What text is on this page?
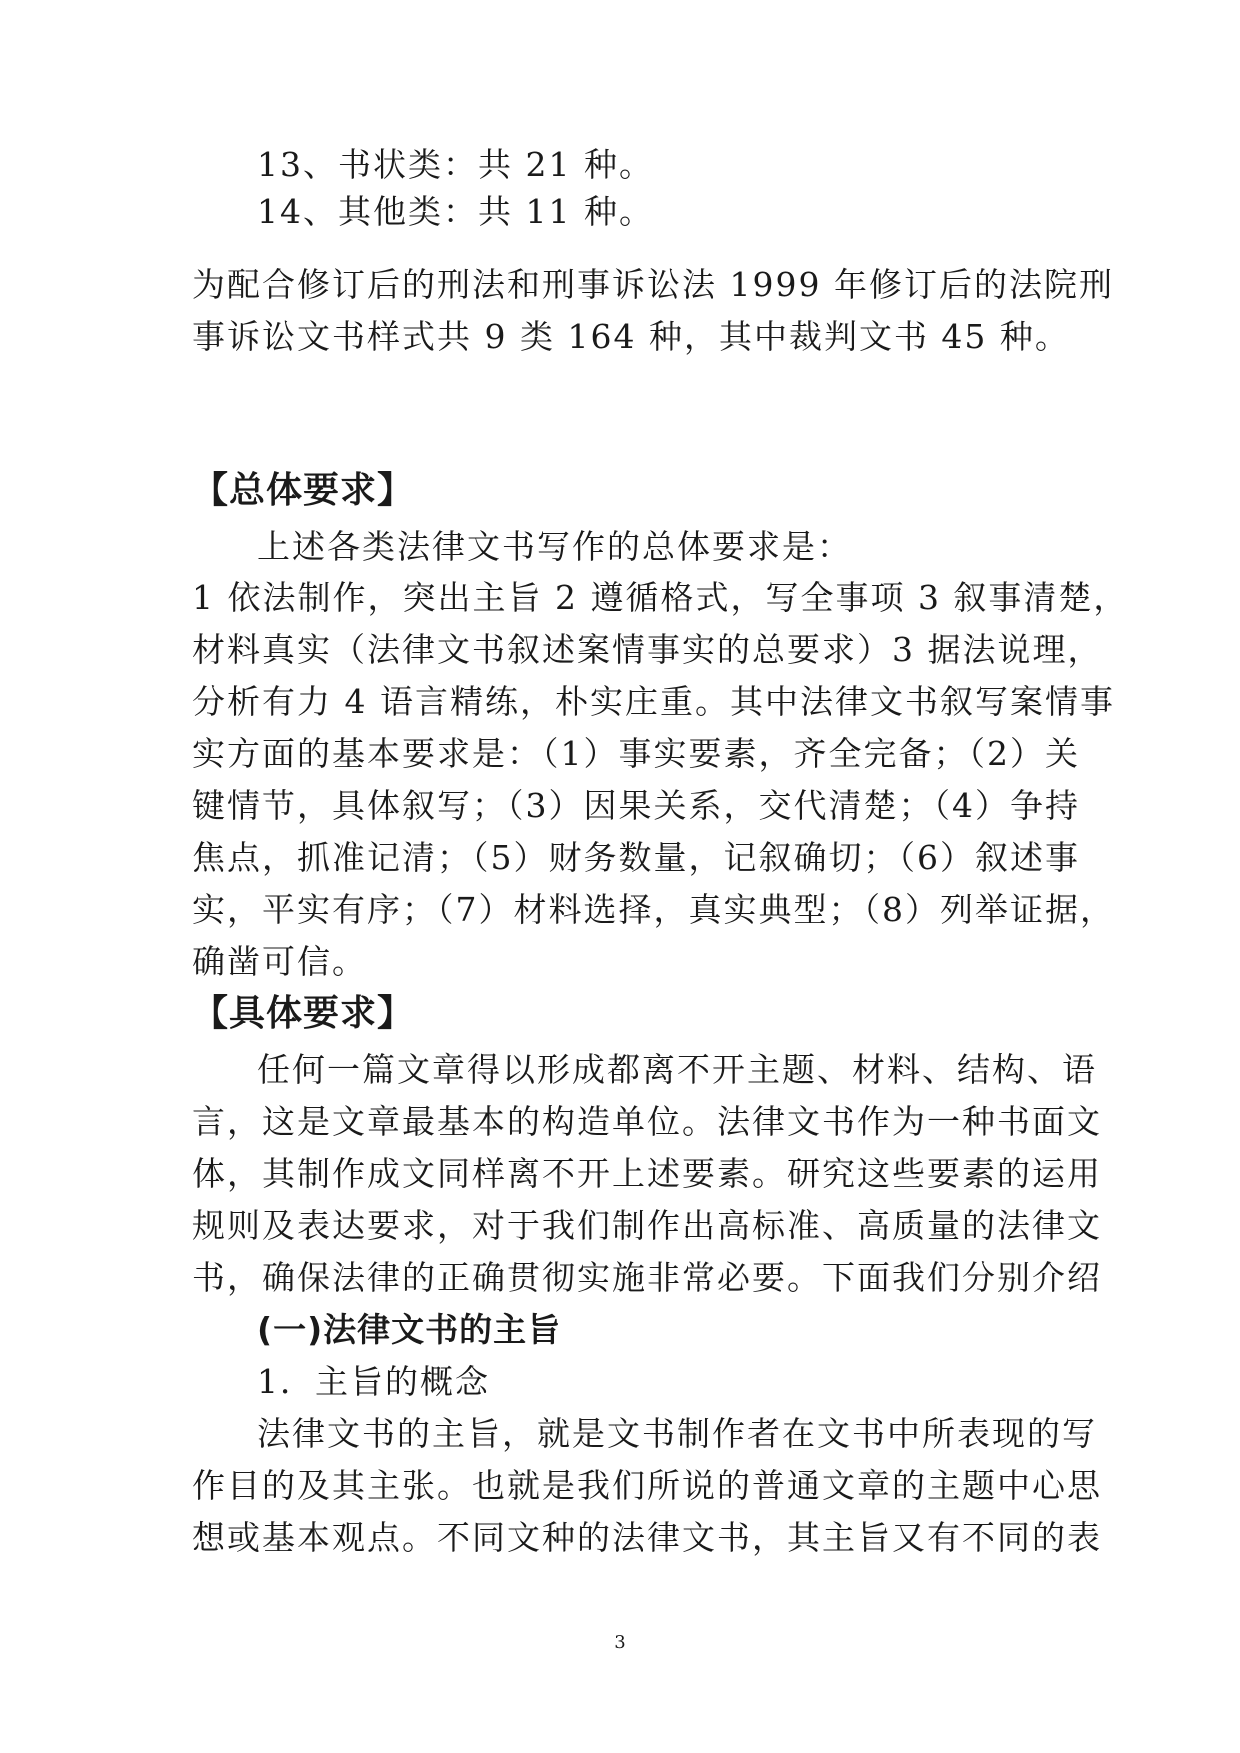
13、书状类：共 21 种。
14、其他类：共 11 种。
为配合修订后的刑法和刑事诉讼法 1999 年修订后的法院刑
事诉讼文书样式共 9 类 164 种，其中裁判文书 45 种。
【总体要求】
上述各类法律文书写作的总体要求是：
1 依法制作，突出主旨 2 遵循格式，写全事项 3 叙事清楚，
材料真实（法律文书叙述案情事实的总要求）3 据法说理，
分析有力 4 语言精练，朴实庄重。其中法律文书叙写案情事
实方面的基本要求是：（1）事实要素，齐全完备；（2）关
键情节，具体叙写；（3）因果关系，交代清楚；（4）争持
焦点，抓准记清；（5）财务数量，记叙确切；（6）叙述事
实，平实有序；（7）材料选择，真实典型；（8）列举证据，
确凿可信。
【具体要求】
任何一篇文章得以形成都离不开主题、材料、结构、语
言，这是文章最基本的构造单位。法律文书作为一种书面文
体，其制作成文同样离不开上述要素。研究这些要素的运用
规则及表达要求，对于我们制作出高标准、高质量的法律文
书，确保法律的正确贯彻实施非常必要。下面我们分别介绍
(一)法律文书的主旨
1．主旨的概念
法律文书的主旨，就是文书制作者在文书中所表现的写
作目的及其主张。也就是我们所说的普通文章的主题中心思
想或基本观点。不同文种的法律文书，其主旨又有不同的表
3
